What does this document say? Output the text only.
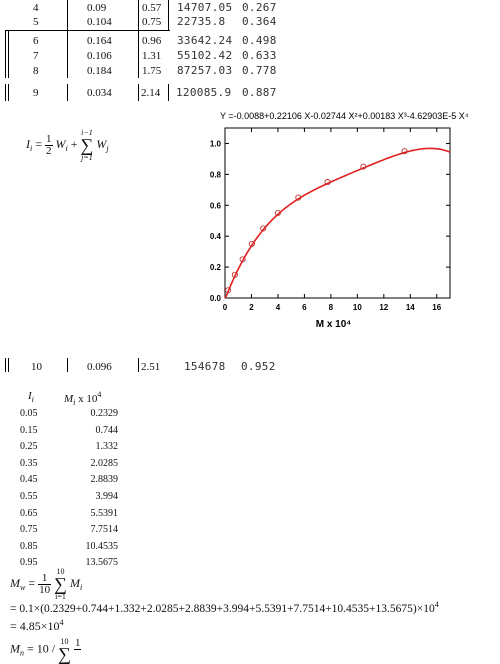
4	0.09	0.57 14707.05 0.267
5	0.104	0.75 22735.8 0.364
6	0.164	0.96 33642.24 0.498
7	0.106	1.31 55102.42 0.633
8	0.184	1.75 87257.03 0.778
9	0.034	2.14 120085.9 0.887
$I_i = \frac{1}{2} W_i + i-1$
∑
j=1 $W_j$
Y =-0.0088+0.22106 X-0.02744 X²+0.00183 X³-4.62903E-5 X⁴
0	2	4	6	8 10 12 14 16
0.0
0.2
0.4
0.6
0.8
1.0
M x 10⁴
10	0.096	2.51 154678 0.952
$I_i$	$M_i$ x $10^4$
0.05	0.2329
0.15	0.744
0.25	1.332
0.35	2.0285
0.45	2.8839
0.55	3.994
0.65	5.5391
0.75	7.7514
0.85	10.4535
0.95	13.5675
$M_w = \frac{1}{10}$
10
∑
i=1 $M_i$
= $0.1\times(0.2329+0.744+1.332+2.0285+2.8839+3.994+5.5391+7.7514+10.4535+13.5675)\times 10^4$
= $4.85\times 10^4$
$M_n = 10 / 10$
∑

1
